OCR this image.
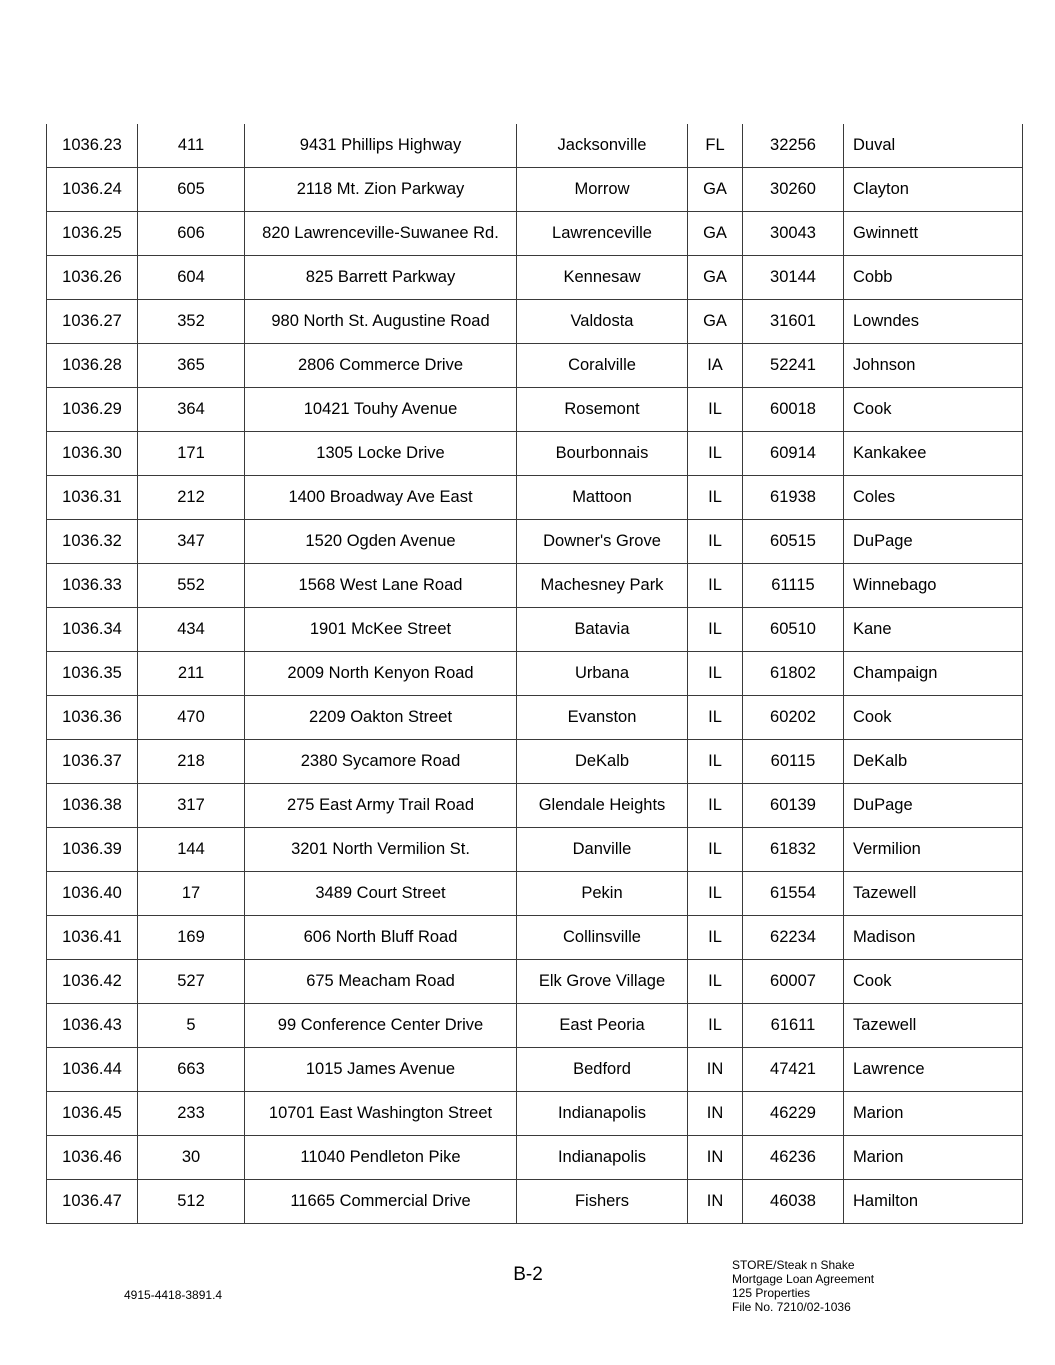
1036.23	411	9431 Phillips Highway	Jacksonville	FL	32256	Duval
1036.24	605	2118 Mt. Zion Parkway	Morrow	GA	30260	Clayton
1036.25	606	820 Lawrenceville-Suwanee Rd.	Lawrenceville	GA	30043	Gwinnett
1036.26	604	825 Barrett Parkway	Kennesaw	GA	30144	Cobb
1036.27	352	980 North St. Augustine Road	Valdosta	GA	31601	Lowndes
1036.28	365	2806 Commerce Drive	Coralville	IA	52241	Johnson
1036.29	364	10421 Touhy Avenue	Rosemont	IL	60018	Cook
1036.30	171	1305 Locke Drive	Bourbonnais	IL	60914	Kankakee
1036.31	212	1400 Broadway Ave East	Mattoon	IL	61938	Coles
1036.32	347	1520 Ogden Avenue	Downer's Grove	IL	60515	DuPage
1036.33	552	1568 West Lane Road	Machesney Park	IL	61115	Winnebago
1036.34	434	1901 McKee Street	Batavia	IL	60510	Kane
1036.35	211	2009 North Kenyon Road	Urbana	IL	61802	Champaign
1036.36	470	2209 Oakton Street	Evanston	IL	60202	Cook
1036.37	218	2380 Sycamore Road	DeKalb	IL	60115	DeKalb
1036.38	317	275 East Army Trail Road	Glendale Heights	IL	60139	DuPage
1036.39	144	3201 North Vermilion St.	Danville	IL	61832	Vermilion
1036.40	17	3489 Court Street	Pekin	IL	61554	Tazewell
1036.41	169	606 North Bluff Road	Collinsville	IL	62234	Madison
1036.42	527	675 Meacham Road	Elk Grove Village	IL	60007	Cook
1036.43	5	99 Conference Center Drive	East Peoria	IL	61611	Tazewell
1036.44	663	1015 James Avenue	Bedford	IN	47421	Lawrence
1036.45	233	10701 East Washington Street	Indianapolis	IN	46229	Marion
1036.46	30	11040 Pendleton Pike	Indianapolis	IN	46236	Marion
1036.47	512	11665 Commercial Drive	Fishers	IN	46038	Hamilton
B-2
4915-4418-3891.4
STORE/Steak n Shake
Mortgage Loan Agreement
125 Properties
File No. 7210/02-1036
